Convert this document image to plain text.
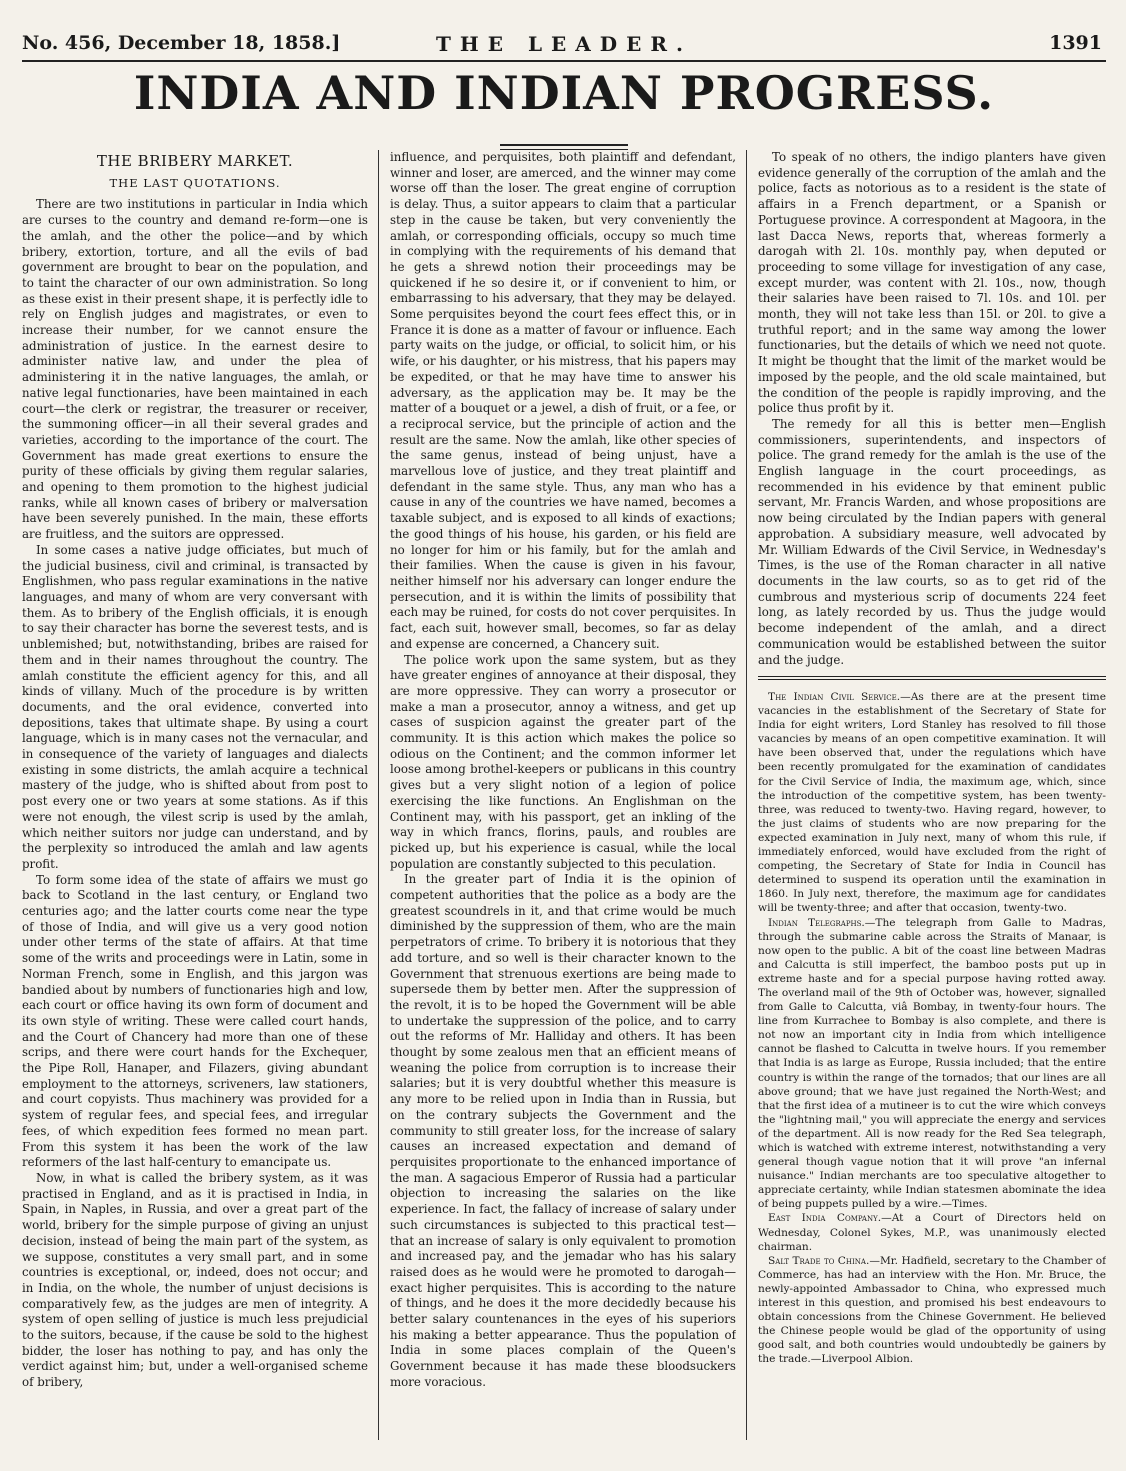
No. 456, December 18, 1858.]	THE LEADER.	1391
INDIA AND INDIAN PROGRESS.

THE BRIBERY MARKET.

THE LAST QUOTATIONS.

There are two institutions in particular in India which are curses to the country and demand re-form—one is the amlah, and the other the police—and by which bribery, extortion, torture, and all the evils of bad government are brought to bear on the population, and to taint the character of our own administration. So long as these exist in their present shape, it is perfectly idle to rely on English judges and magistrates, or even to increase their number, for we cannot ensure the administration of justice. In the earnest desire to administer native law, and under the plea of administering it in the native languages, the amlah, or native legal functionaries, have been maintained in each court—the clerk or registrar, the treasurer or receiver, the summoning officer—in all their several grades and varieties, according to the importance of the court. The Government has made great exertions to ensure the purity of these officials by giving them regular salaries, and opening to them promotion to the highest judicial ranks, while all known cases of bribery or malversation have been severely punished. In the main, these efforts are fruitless, and the suitors are oppressed.

In some cases a native judge officiates, but much of the judicial business, civil and criminal, is transacted by Englishmen, who pass regular examinations in the native languages, and many of whom are very conversant with them. As to bribery of the English officials, it is enough to say their character has borne the severest tests, and is unblemished; but, notwithstanding, bribes are raised for them and in their names throughout the country. The amlah constitute the efficient agency for this, and all kinds of villany. Much of the procedure is by written documents, and the oral evidence, converted into depositions, takes that ultimate shape. By using a court language, which is in many cases not the vernacular, and in consequence of the variety of languages and dialects existing in some districts, the amlah acquire a technical mastery of the judge, who is shifted about from post to post every one or two years at some stations. As if this were not enough, the vilest scrip is used by the amlah, which neither suitors nor judge can understand, and by the perplexity so introduced the amlah and law agents profit.

To form some idea of the state of affairs we must go back to Scotland in the last century, or England two centuries ago; and the latter courts come near the type of those of India, and will give us a very good notion under other terms of the state of affairs. At that time some of the writs and proceedings were in Latin, some in Norman French, some in English, and this jargon was bandied about by numbers of functionaries high and low, each court or office having its own form of document and its own style of writing. These were called court hands, and the Court of Chancery had more than one of these scrips, and there were court hands for the Exchequer, the Pipe Roll, Hanaper, and Filazers, giving abundant employment to the attorneys, scriveners, law stationers, and court copyists. Thus machinery was provided for a system of regular fees, and special fees, and irregular fees, of which expedition fees formed no mean part. From this system it has been the work of the law reformers of the last half-century to emancipate us.

Now, in what is called the bribery system, as it was practised in England, and as it is practised in India, in Spain, in Naples, in Russia, and over a great part of the world, bribery for the simple purpose of giving an unjust decision, instead of being the main part of the system, as we suppose, constitutes a very small part, and in some countries is exceptional, or, indeed, does not occur; and in India, on the whole, the number of unjust decisions is comparatively few, as the judges are men of integrity. A system of open selling of justice is much less prejudicial to the suitors, because, if the cause be sold to the highest bidder, the loser has nothing to pay, and has only the verdict against him; but, under a well-organised scheme of bribery,

influence, and perquisites, both plaintiff and defendant, winner and loser, are amerced, and the winner may come worse off than the loser. The great engine of corruption is delay. Thus, a suitor appears to claim that a particular step in the cause be taken, but very conveniently the amlah, or corresponding officials, occupy so much time in complying with the requirements of his demand that he gets a shrewd notion their proceedings may be quickened if he so desire it, or if convenient to him, or embarrassing to his adversary, that they may be delayed. Some perquisites beyond the court fees effect this, or in France it is done as a matter of favour or influence. Each party waits on the judge, or official, to solicit him, or his wife, or his daughter, or his mistress, that his papers may be expedited, or that he may have time to answer his adversary, as the application may be. It may be the matter of a bouquet or a jewel, a dish of fruit, or a fee, or a reciprocal service, but the principle of action and the result are the same. Now the amlah, like other species of the same genus, instead of being unjust, have a marvellous love of justice, and they treat plaintiff and defendant in the same style. Thus, any man who has a cause in any of the countries we have named, becomes a taxable subject, and is exposed to all kinds of exactions; the good things of his house, his garden, or his field are no longer for him or his family, but for the amlah and their families. When the cause is given in his favour, neither himself nor his adversary can longer endure the persecution, and it is within the limits of possibility that each may be ruined, for costs do not cover perquisites. In fact, each suit, however small, becomes, so far as delay and expense are concerned, a Chancery suit.

The police work upon the same system, but as they have greater engines of annoyance at their disposal, they are more oppressive. They can worry a prosecutor or make a man a prosecutor, annoy a witness, and get up cases of suspicion against the greater part of the community. It is this action which makes the police so odious on the Continent; and the common informer let loose among brothel-keepers or publicans in this country gives but a very slight notion of a legion of police exercising the like functions. An Englishman on the Continent may, with his passport, get an inkling of the way in which francs, florins, pauls, and roubles are picked up, but his experience is casual, while the local population are constantly subjected to this peculation.

In the greater part of India it is the opinion of competent authorities that the police as a body are the greatest scoundrels in it, and that crime would be much diminished by the suppression of them, who are the main perpetrators of crime. To bribery it is notorious that they add torture, and so well is their character known to the Government that strenuous exertions are being made to supersede them by better men. After the suppression of the revolt, it is to be hoped the Government will be able to undertake the suppression of the police, and to carry out the reforms of Mr. Halliday and others. It has been thought by some zealous men that an efficient means of weaning the police from corruption is to increase their salaries; but it is very doubtful whether this measure is any more to be relied upon in India than in Russia, but on the contrary subjects the Government and the community to still greater loss, for the increase of salary causes an increased expectation and demand of perquisites proportionate to the enhanced importance of the man. A sagacious Emperor of Russia had a particular objection to increasing the salaries on the like experience. In fact, the fallacy of increase of salary under such circumstances is subjected to this practical test—that an increase of salary is only equivalent to promotion and increased pay, and the jemadar who has his salary raised does as he would were he promoted to darogah—exact higher perquisites. This is according to the nature of things, and he does it the more decidedly because his better salary countenances in the eyes of his superiors his making a better appearance. Thus the population of India in some places complain of the Queen's Government because it has made these bloodsuckers more voracious.

To speak of no others, the indigo planters have given evidence generally of the corruption of the amlah and the police, facts as notorious as to a resident is the state of affairs in a French department, or a Spanish or Portuguese province. A correspondent at Magoora, in the last Dacca News, reports that, whereas formerly a darogah with 2l. 10s. monthly pay, when deputed or proceeding to some village for investigation of any case, except murder, was content with 2l. 10s., now, though their salaries have been raised to 7l. 10s. and 10l. per month, they will not take less than 15l. or 20l. to give a truthful report; and in the same way among the lower functionaries, but the details of which we need not quote. It might be thought that the limit of the market would be imposed by the people, and the old scale maintained, but the condition of the people is rapidly improving, and the police thus profit by it.

The remedy for all this is better men—English commissioners, superintendents, and inspectors of police. The grand remedy for the amlah is the use of the English language in the court proceedings, as recommended in his evidence by that eminent public servant, Mr. Francis Warden, and whose propositions are now being circulated by the Indian papers with general approbation. A subsidiary measure, well advocated by Mr. William Edwards of the Civil Service, in Wednesday's Times, is the use of the Roman character in all native documents in the law courts, so as to get rid of the cumbrous and mysterious scrip of documents 224 feet long, as lately recorded by us. Thus the judge would become independent of the amlah, and a direct communication would be established between the suitor and the judge.

The Indian Civil Service.—As there are at the present time vacancies in the establishment of the Secretary of State for India for eight writers, Lord Stanley has resolved to fill those vacancies by means of an open competitive examination. It will have been observed that, under the regulations which have been recently promulgated for the examination of candidates for the Civil Service of India, the maximum age, which, since the introduction of the competitive system, has been twenty-three, was reduced to twenty-two. Having regard, however, to the just claims of students who are now preparing for the expected examination in July next, many of whom this rule, if immediately enforced, would have excluded from the right of competing, the Secretary of State for India in Council has determined to suspend its operation until the examination in 1860. In July next, therefore, the maximum age for candidates will be twenty-three; and after that occasion, twenty-two.

Indian Telegraphs.—The telegraph from Galle to Madras, through the submarine cable across the Straits of Manaar, is now open to the public. A bit of the coast line between Madras and Calcutta is still imperfect, the bamboo posts put up in extreme haste and for a special purpose having rotted away. The overland mail of the 9th of October was, however, signalled from Galle to Calcutta, viâ Bombay, in twenty-four hours. The line from Kurrachee to Bombay is also complete, and there is not now an important city in India from which intelligence cannot be flashed to Calcutta in twelve hours. If you remember that India is as large as Europe, Russia included; that the entire country is within the range of the tornados; that our lines are all above ground; that we have just regained the North-West; and that the first idea of a mutineer is to cut the wire which conveys the "lightning mail," you will appreciate the energy and services of the department. All is now ready for the Red Sea telegraph, which is watched with extreme interest, notwithstanding a very general though vague notion that it will prove "an infernal nuisance." Indian merchants are too speculative altogether to appreciate certainty, while Indian statesmen abominate the idea of being puppets pulled by a wire.—Times.

East India Company.—At a Court of Directors held on Wednesday, Colonel Sykes, M.P., was unanimously elected chairman.

Salt Trade to China.—Mr. Hadfield, secretary to the Chamber of Commerce, has had an interview with the Hon. Mr. Bruce, the newly-appointed Ambassador to China, who expressed much interest in this question, and promised his best endeavours to obtain concessions from the Chinese Government. He believed the Chinese people would be glad of the opportunity of using good salt, and both countries would undoubtedly be gainers by the trade.—Liverpool Albion.
